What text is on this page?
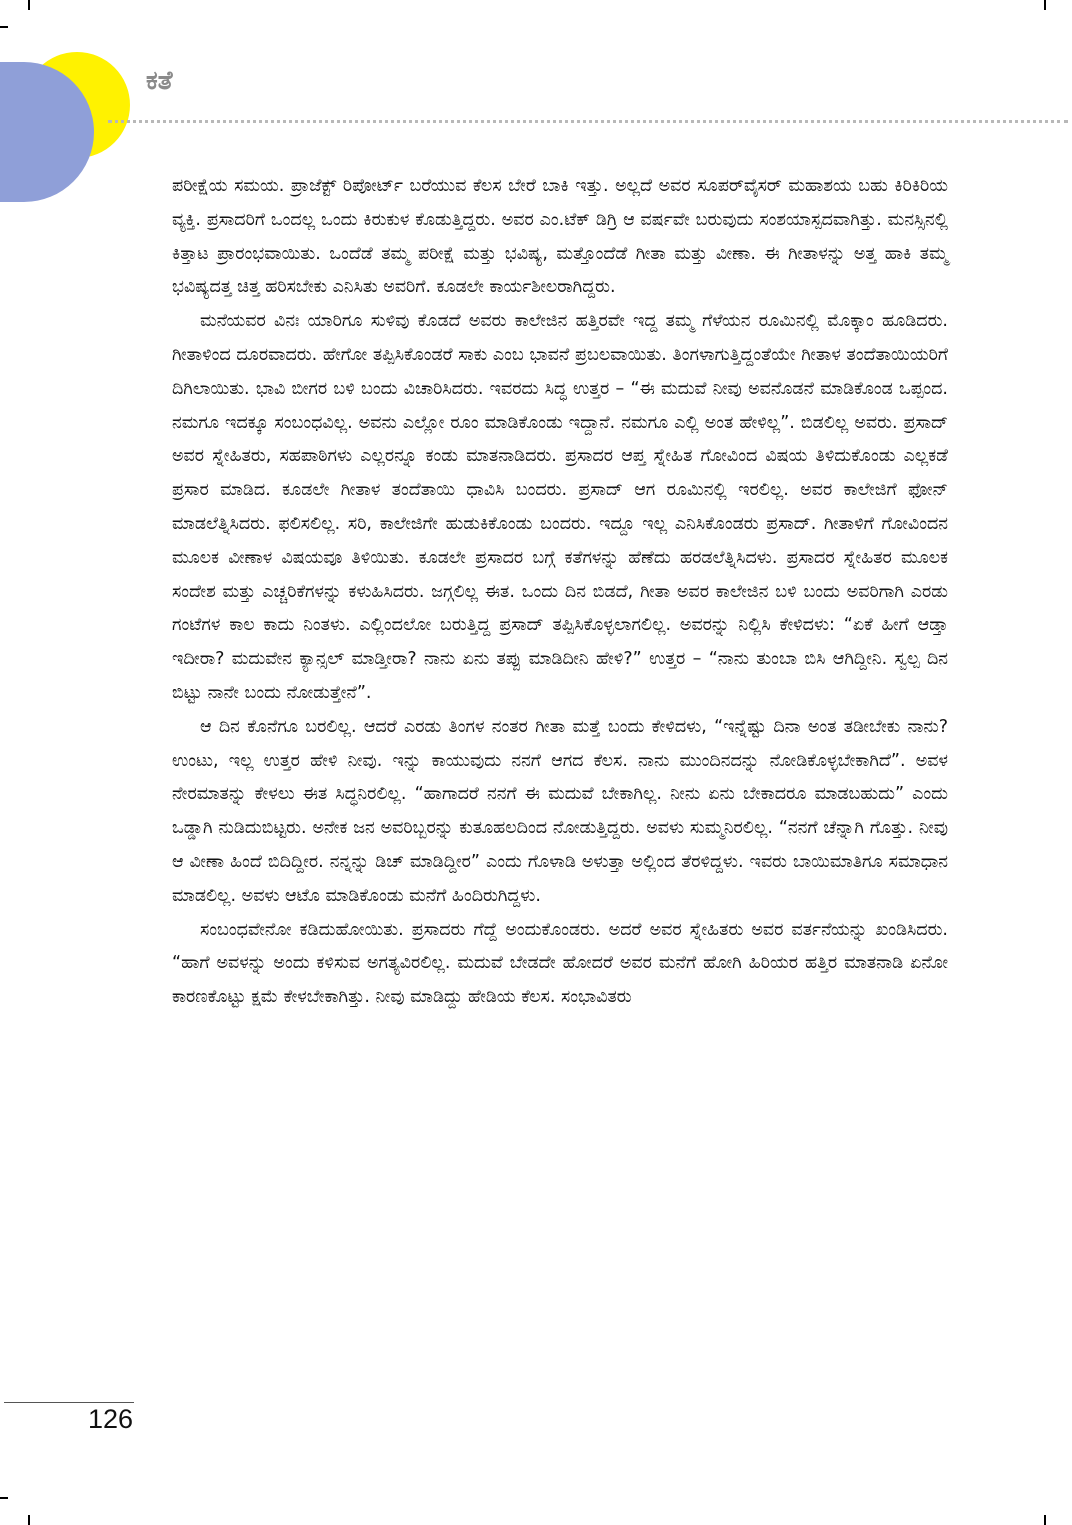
ಕತೆ

ಪರೀಕ್ಷೆಯ ಸಮಯ. ಪ್ರಾಜೆಕ್ಟ್ ರಿಪೋರ್ಟ್ ಬರೆಯುವ ಕೆಲಸ ಬೇರೆ ಬಾಕಿ ಇತ್ತು. ಅಲ್ಲದೆ ಅವರ ಸೂಪರ್‌ವೈಸರ್ ಮಹಾಶಯ ಬಹು ಕಿರಿಕಿರಿಯ ವ್ಯಕ್ತಿ. ಪ್ರಸಾದರಿಗೆ ಒಂದಲ್ಲ ಒಂದು ಕಿರುಕುಳ ಕೊಡುತ್ತಿದ್ದರು. ಅವರ ಎಂ.ಟೆಕ್ ಡಿಗ್ರಿ ಆ ವರ್ಷವೇ ಬರುವುದು ಸಂಶಯಾಸ್ಪದವಾಗಿತ್ತು. ಮನಸ್ಸಿನಲ್ಲಿ ಕಿತ್ತಾಟ ಪ್ರಾರಂಭವಾಯಿತು. ಒಂದೆಡೆ ತಮ್ಮ ಪರೀಕ್ಷೆ ಮತ್ತು ಭವಿಷ್ಯ, ಮತ್ತೊಂದೆಡೆ ಗೀತಾ ಮತ್ತು ವೀಣಾ. ಈ ಗೀತಾಳನ್ನು ಅತ್ತ ಹಾಕಿ ತಮ್ಮ ಭವಿಷ್ಯದತ್ತ ಚಿತ್ತ ಹರಿಸಬೇಕು ಎನಿಸಿತು ಅವರಿಗೆ. ಕೂಡಲೇ ಕಾರ್ಯಶೀಲರಾಗಿದ್ದರು.

ಮನೆಯವರ ವಿನಃ ಯಾರಿಗೂ ಸುಳಿವು ಕೊಡದೆ ಅವರು ಕಾಲೇಜಿನ ಹತ್ತಿರವೇ ಇದ್ದ ತಮ್ಮ ಗೆಳೆಯನ ರೂಮಿನಲ್ಲಿ ಮೊಕ್ಕಾಂ ಹೂಡಿದರು. ಗೀತಾಳಿಂದ ದೂರವಾದರು. ಹೇಗೋ ತಪ್ಪಿಸಿಕೊಂಡರೆ ಸಾಕು ಎಂಬ ಭಾವನೆ ಪ್ರಬಲವಾಯಿತು. ತಿಂಗಳಾಗುತ್ತಿದ್ದಂತೆಯೇ ಗೀತಾಳ ತಂದೆತಾಯಿಯರಿಗೆ ದಿಗಿಲಾಯಿತು. ಭಾವಿ ಬೀಗರ ಬಳಿ ಬಂದು ವಿಚಾರಿಸಿದರು. ಇವರದು ಸಿದ್ಧ ಉತ್ತರ – “ಈ ಮದುವೆ ನೀವು ಅವನೊಡನೆ ಮಾಡಿಕೊಂಡ ಒಪ್ಪಂದ. ನಮಗೂ ಇದಕ್ಕೂ ಸಂಬಂಧವಿಲ್ಲ. ಅವನು ಎಲ್ಲೋ ರೂಂ ಮಾಡಿಕೊಂಡು ಇದ್ದಾನೆ. ನಮಗೂ ಎಲ್ಲಿ ಅಂತ ಹೇಳಿಲ್ಲ”. ಬಿಡಲಿಲ್ಲ ಅವರು. ಪ್ರಸಾದ್ ಅವರ ಸ್ನೇಹಿತರು, ಸಹಪಾಠಿಗಳು ಎಲ್ಲರನ್ನೂ ಕಂಡು ಮಾತನಾಡಿದರು. ಪ್ರಸಾದರ ಆಪ್ತ ಸ್ನೇಹಿತ ಗೋವಿಂದ ವಿಷಯ ತಿಳಿದುಕೊಂಡು ಎಲ್ಲಕಡೆ ಪ್ರಸಾರ ಮಾಡಿದ. ಕೂಡಲೇ ಗೀತಾಳ ತಂದೆತಾಯಿ ಧಾವಿಸಿ ಬಂದರು. ಪ್ರಸಾದ್ ಆಗ ರೂಮಿನಲ್ಲಿ ಇರಲಿಲ್ಲ. ಅವರ ಕಾಲೇಜಿಗೆ ಫೋನ್ ಮಾಡಲೆತ್ನಿಸಿದರು. ಫಲಿಸಲಿಲ್ಲ. ಸರಿ, ಕಾಲೇಜಿಗೇ ಹುಡುಕಿಕೊಂಡು ಬಂದರು. ಇದ್ದೂ ಇಲ್ಲ ಎನಿಸಿಕೊಂಡರು ಪ್ರಸಾದ್. ಗೀತಾಳಿಗೆ ಗೋವಿಂದನ ಮೂಲಕ ವೀಣಾಳ ವಿಷಯವೂ ತಿಳಿಯಿತು. ಕೂಡಲೇ ಪ್ರಸಾದರ ಬಗ್ಗೆ ಕತೆಗಳನ್ನು ಹೆಣೆದು ಹರಡಲೆತ್ನಿಸಿದಳು. ಪ್ರಸಾದರ ಸ್ನೇಹಿತರ ಮೂಲಕ ಸಂದೇಶ ಮತ್ತು ಎಚ್ಚರಿಕೆಗಳನ್ನು ಕಳುಹಿಸಿದರು. ಜಗ್ಗಲಿಲ್ಲ ಈತ. ಒಂದು ದಿನ ಬಿಡದೆ, ಗೀತಾ ಅವರ ಕಾಲೇಜಿನ ಬಳಿ ಬಂದು ಅವರಿಗಾಗಿ ಎರಡು ಗಂಟೆಗಳ ಕಾಲ ಕಾದು ನಿಂತಳು. ಎಲ್ಲಿಂದಲೋ ಬರುತ್ತಿದ್ದ ಪ್ರಸಾದ್ ತಪ್ಪಿಸಿಕೊಳ್ಳಲಾಗಲಿಲ್ಲ. ಅವರನ್ನು ನಿಲ್ಲಿಸಿ ಕೇಳಿದಳು: “ಏಕೆ ಹೀಗೆ ಆಡ್ತಾ ಇದೀರಾ? ಮದುವೇನ ಕ್ಯಾನ್ಸಲ್ ಮಾಡ್ತೀರಾ? ನಾನು ಏನು ತಪ್ಪು ಮಾಡಿದೀನಿ ಹೇಳಿ?” ಉತ್ತರ – “ನಾನು ತುಂಬಾ ಬಿಸಿ ಆಗಿದ್ದೀನಿ. ಸ್ವಲ್ಪ ದಿನ ಬಿಟ್ಟು ನಾನೇ ಬಂದು ನೋಡುತ್ತೇನೆ”.

ಆ ದಿನ ಕೊನೆಗೂ ಬರಲಿಲ್ಲ. ಆದರೆ ಎರಡು ತಿಂಗಳ ನಂತರ ಗೀತಾ ಮತ್ತೆ ಬಂದು ಕೇಳಿದಳು, “ಇನ್ನೆಷ್ಟು ದಿನಾ ಅಂತ ತಡೀಬೇಕು ನಾನು? ಉಂಟು, ಇಲ್ಲ ಉತ್ತರ ಹೇಳಿ ನೀವು. ಇನ್ನು ಕಾಯುವುದು ನನಗೆ ಆಗದ ಕೆಲಸ. ನಾನು ಮುಂದಿನದನ್ನು ನೋಡಿಕೊಳ್ಳಬೇಕಾಗಿದೆ”. ಅವಳ ನೇರಮಾತನ್ನು ಕೇಳಲು ಈತ ಸಿದ್ಧನಿರಲಿಲ್ಲ. “ಹಾಗಾದರೆ ನನಗೆ ಈ ಮದುವೆ ಬೇಕಾಗಿಲ್ಲ. ನೀನು ಏನು ಬೇಕಾದರೂ ಮಾಡಬಹುದು” ಎಂದು ಒಡ್ಡಾಗಿ ನುಡಿದುಬಿಟ್ಟರು. ಅನೇಕ ಜನ ಅವರಿಬ್ಬರನ್ನು ಕುತೂಹಲದಿಂದ ನೋಡುತ್ತಿದ್ದರು. ಅವಳು ಸುಮ್ಮನಿರಲಿಲ್ಲ. “ನನಗೆ ಚೆನ್ನಾಗಿ ಗೊತ್ತು. ನೀವು ಆ ವೀಣಾ ಹಿಂದೆ ಬಿದಿದ್ದೀರ. ನನ್ನನ್ನು ಡಿಚ್ ಮಾಡಿದ್ದೀರ” ಎಂದು ಗೊಳಾಡಿ ಅಳುತ್ತಾ ಅಲ್ಲಿಂದ ತೆರಳಿದ್ದಳು. ಇವರು ಬಾಯಿಮಾತಿಗೂ ಸಮಾಧಾನ ಮಾಡಲಿಲ್ಲ. ಅವಳು ಆಟೊ ಮಾಡಿಕೊಂಡು ಮನೆಗೆ ಹಿಂದಿರುಗಿದ್ದಳು.

ಸಂಬಂಧವೇನೋ ಕಡಿದುಹೋಯಿತು. ಪ್ರಸಾದರು ಗೆದ್ದೆ ಅಂದುಕೊಂಡರು. ಅದರೆ ಅವರ ಸ್ನೇಹಿತರು ಅವರ ವರ್ತನೆಯನ್ನು ಖಂಡಿಸಿದರು. “ಹಾಗೆ ಅವಳನ್ನು ಅಂದು ಕಳಿಸುವ ಅಗತ್ಯವಿರಲಿಲ್ಲ. ಮದುವೆ ಬೇಡದೇ ಹೋದರೆ ಅವರ ಮನೆಗೆ ಹೋಗಿ ಹಿರಿಯರ ಹತ್ತಿರ ಮಾತನಾಡಿ ಏನೋ ಕಾರಣಕೊಟ್ಟು ಕ್ಷಮೆ ಕೇಳಬೇಕಾಗಿತ್ತು. ನೀವು ಮಾಡಿದ್ದು ಹೇಡಿಯ ಕೆಲಸ. ಸಂಭಾವಿತರು

126
